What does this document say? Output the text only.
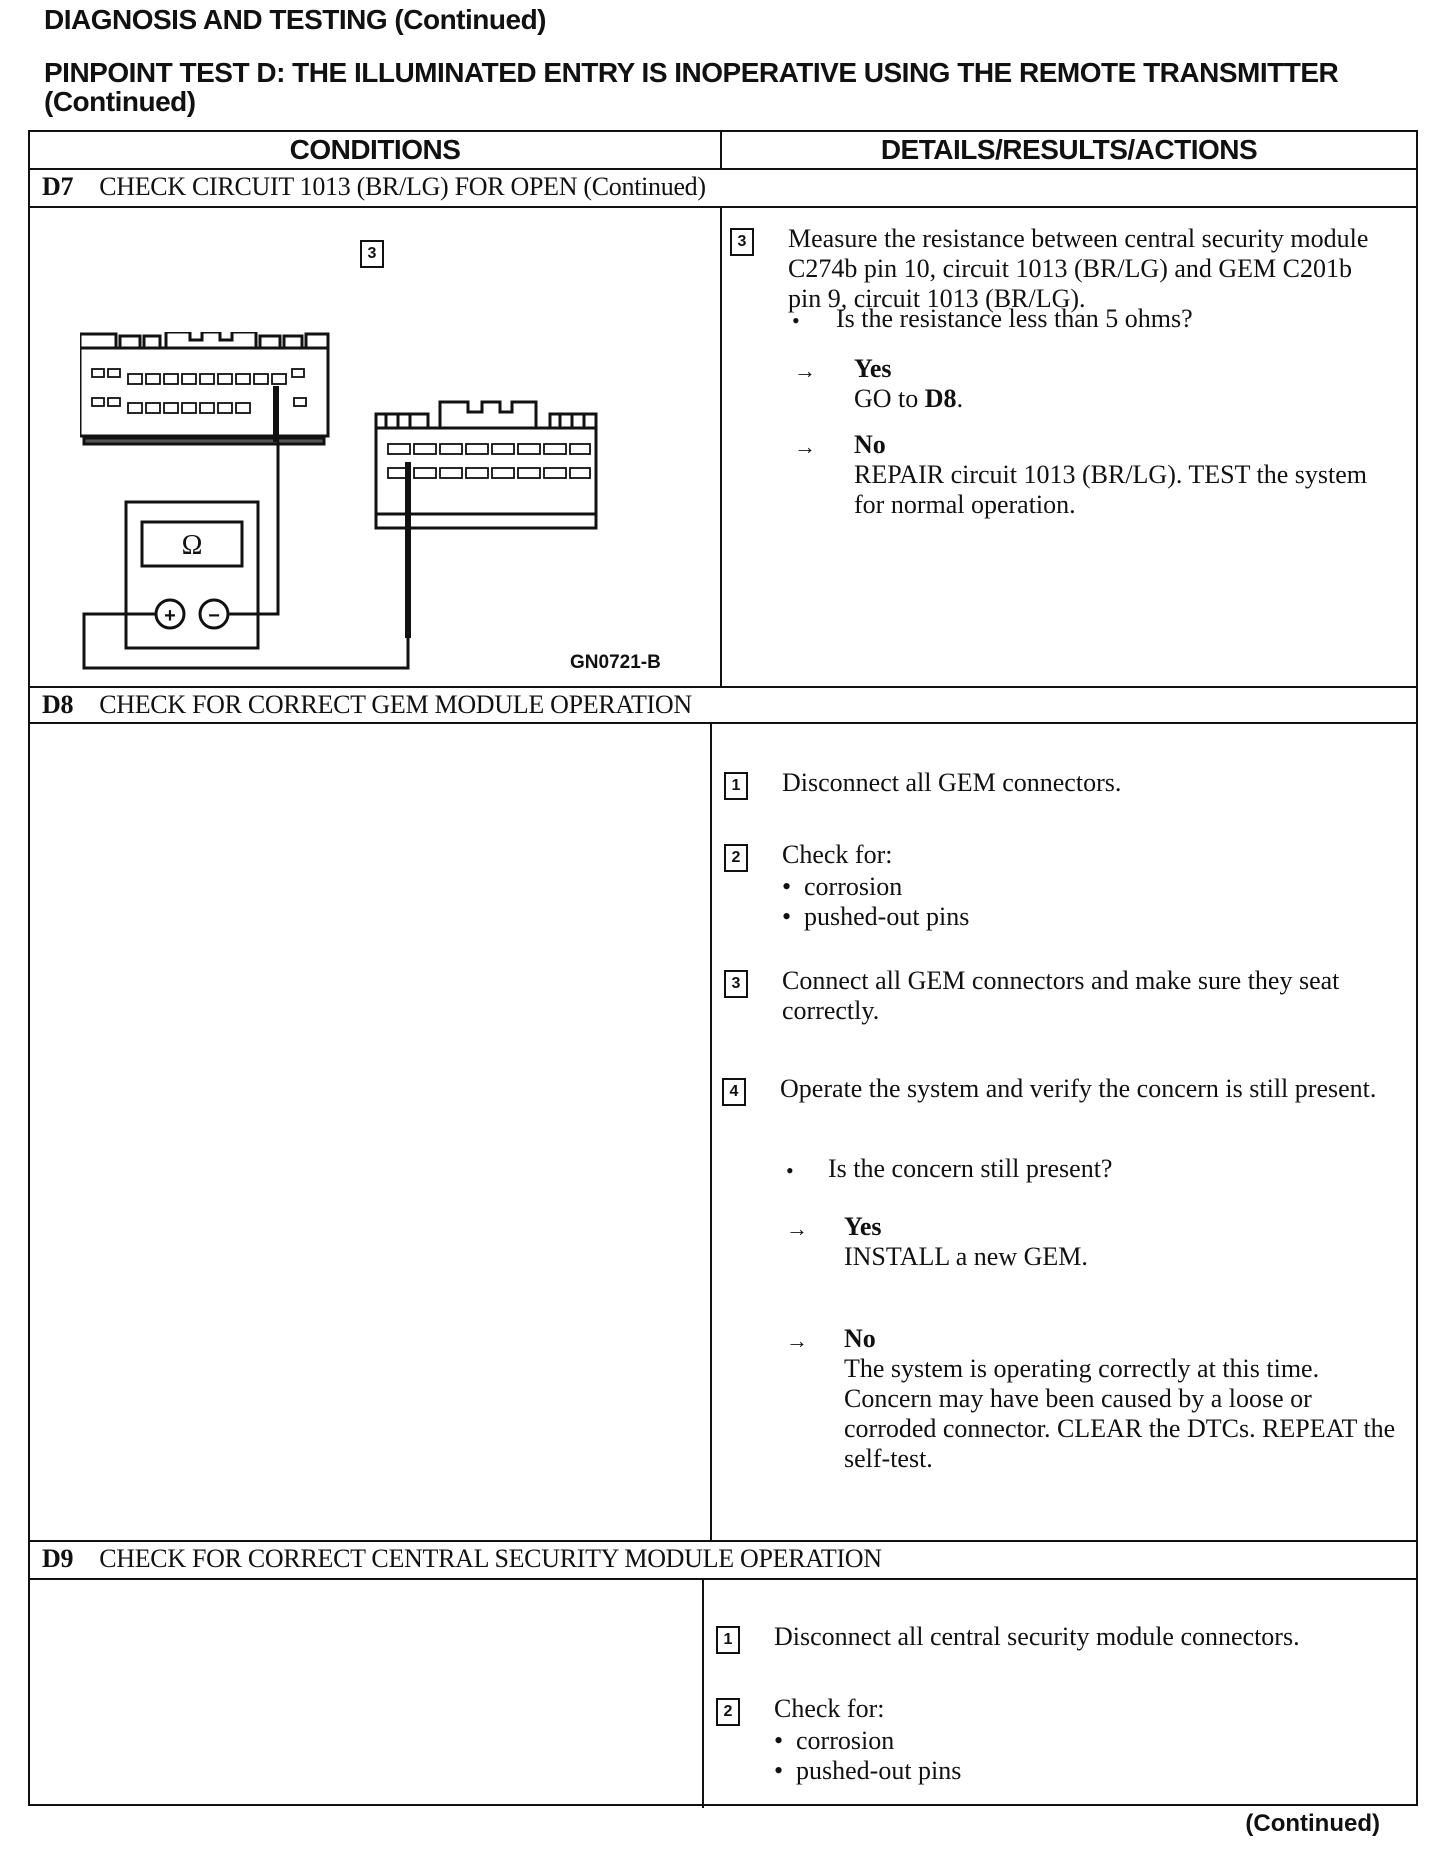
DIAGNOSIS AND TESTING (Continued)
PINPOINT TEST D: THE ILLUMINATED ENTRY IS INOPERATIVE USING THE REMOTE TRANSMITTER (Continued)
CONDITIONS	DETAILS/RESULTS/ACTIONS
D7 CHECK CIRCUIT 1013 (BR/LG) FOR OPEN (Continued)
3
Ω
+ −
GN0721-B
3 Measure the resistance between central security module C274b pin 10, circuit 1013 (BR/LG) and GEM C201b pin 9, circuit 1013 (BR/LG).
• Is the resistance less than 5 ohms?
→ Yes
GO to D8.
→ No
REPAIR circuit 1013 (BR/LG). TEST the system for normal operation.
D8 CHECK FOR CORRECT GEM MODULE OPERATION
1 Disconnect all GEM connectors.
2 Check for:
• corrosion
• pushed-out pins
3 Connect all GEM connectors and make sure they seat correctly.
4 Operate the system and verify the concern is still present.
• Is the concern still present?
→ Yes
INSTALL a new GEM.
→ No
The system is operating correctly at this time. Concern may have been caused by a loose or corroded connector. CLEAR the DTCs. REPEAT the self-test.
D9 CHECK FOR CORRECT CENTRAL SECURITY MODULE OPERATION
1 Disconnect all central security module connectors.
2 Check for:
• corrosion
• pushed-out pins
(Continued)
